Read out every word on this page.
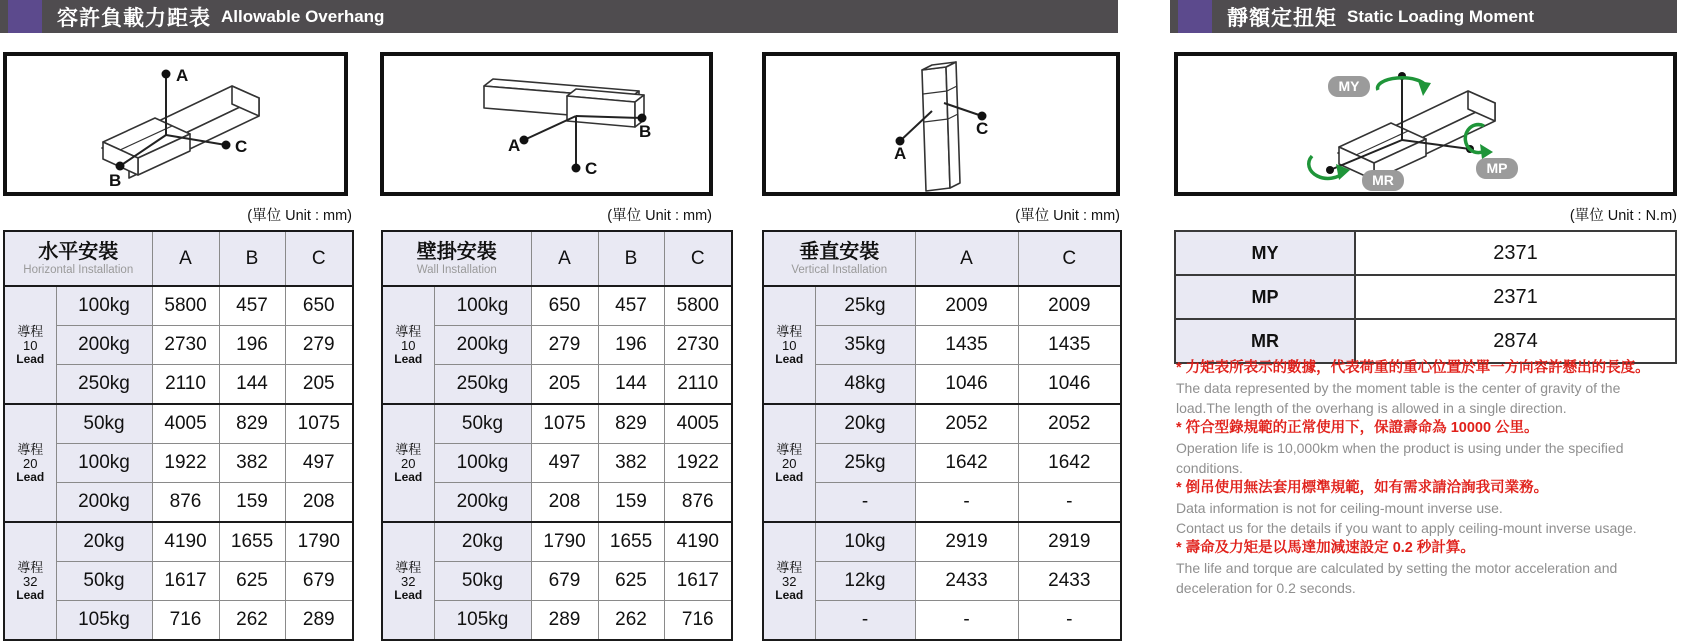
容許負載力距表 Allowable Overhang	靜額定扭矩 Static Loading Moment
A
B
C	A
B
C
A
C
MY
MP
MR
(單位 Unit : mm)	(單位 Unit : mm)	(單位 Unit : mm)	(單位 Unit : N.m)
水平安裝
Horizontal Installation		A	B	C

導程
10
Lead	100kg	5800	457	650
	200kg	2730	196	279
	250kg	2110	144	205

導程
20
Lead	50kg	4005	829	1075
	100kg	1922	382	497
	200kg	876	159	208

導程
32
Lead	20kg	4190	1655	1790
	50kg	1617	625	679
	105kg	716	262	289
壁掛安裝
Wall Installation		A	B	C

導程
10
Lead	100kg	650	457	5800
	200kg	279	196	2730
	250kg	205	144	2110

導程
20
Lead	50kg	1075	829	4005
	100kg	497	382	1922
	200kg	208	159	876

導程
32
Lead	20kg	1790	1655	4190
	50kg	679	625	1617
	105kg	289	262	716
垂直安裝
Vertical Installation		A	C

導程
10
Lead	25kg	2009	2009
	35kg	1435	1435
	48kg	1046	1046

導程
20
Lead	20kg	2052	2052
	25kg	1642	1642
	-	-	-

導程
32
Lead	10kg	2919	2919
	12kg	2433	2433
	-	-	-
MY	2371
MP	2371
MR	2874
* 力矩表所表示的數據，代表荷重的重心位置於單一方向容許懸出的長度。
The data represented by the moment table is the center of gravity of the load.The length of the overhang is allowed in a single direction.
* 符合型錄規範的正常使用下，保證壽命為 10000 公里。
Operation life is 10,000km when the product is using under the specified conditions.
* 倒吊使用無法套用標準規範，如有需求請洽詢我司業務。
Data information is not for ceiling-mount inverse use.
Contact us for the details if you want to apply ceiling-mount inverse usage.
* 壽命及力矩是以馬達加減速設定 0.2 秒計算。
The life and torque are calculated by setting the motor acceleration and deceleration for 0.2 seconds.
